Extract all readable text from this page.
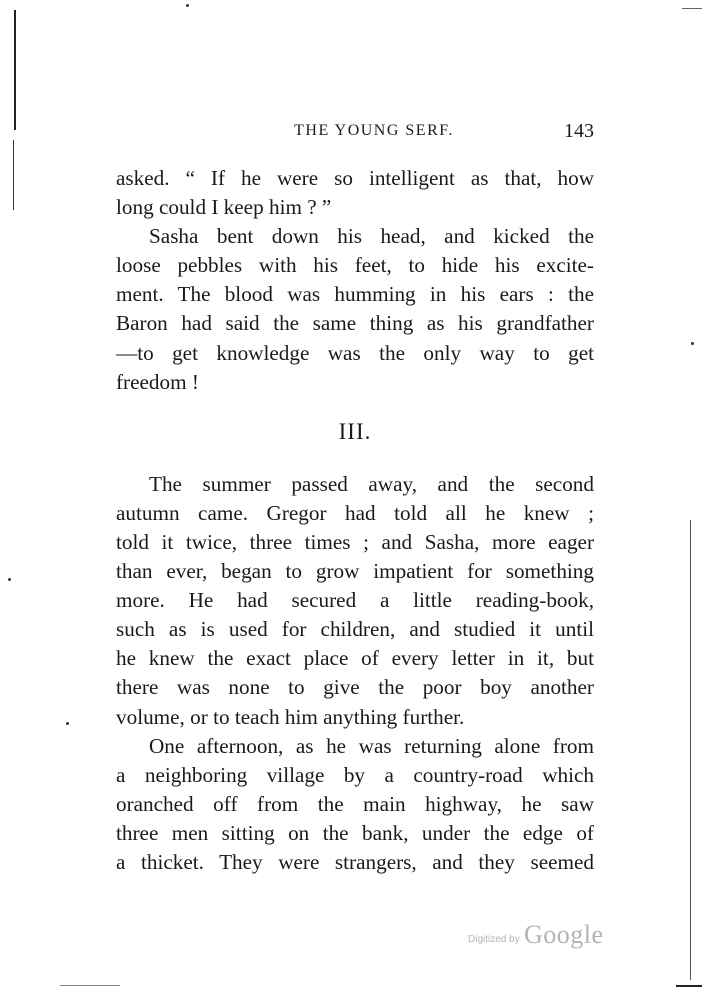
THE YOUNG SERF.	143

asked. “ If he were so intelligent as that, how
long could I keep him ? ”

Sasha bent down his head, and kicked the
loose pebbles with his feet, to hide his excite-
ment. The blood was humming in his ears : the
Baron had said the same thing as his grandfather
—to get knowledge was the only way to get
freedom !

III.

The summer passed away, and the second
autumn came. Gregor had told all he knew ;
told it twice, three times ; and Sasha, more eager
than ever, began to grow impatient for something
more. He had secured a little reading-book,
such as is used for children, and studied it until
he knew the exact place of every letter in it, but
there was none to give the poor boy another
volume, or to teach him anything further.

One afternoon, as he was returning alone from
a neighboring village by a country-road which
oranched off from the main highway, he saw
three men sitting on the bank, under the edge of
a thicket. They were strangers, and they seemed

Digitized by Google
